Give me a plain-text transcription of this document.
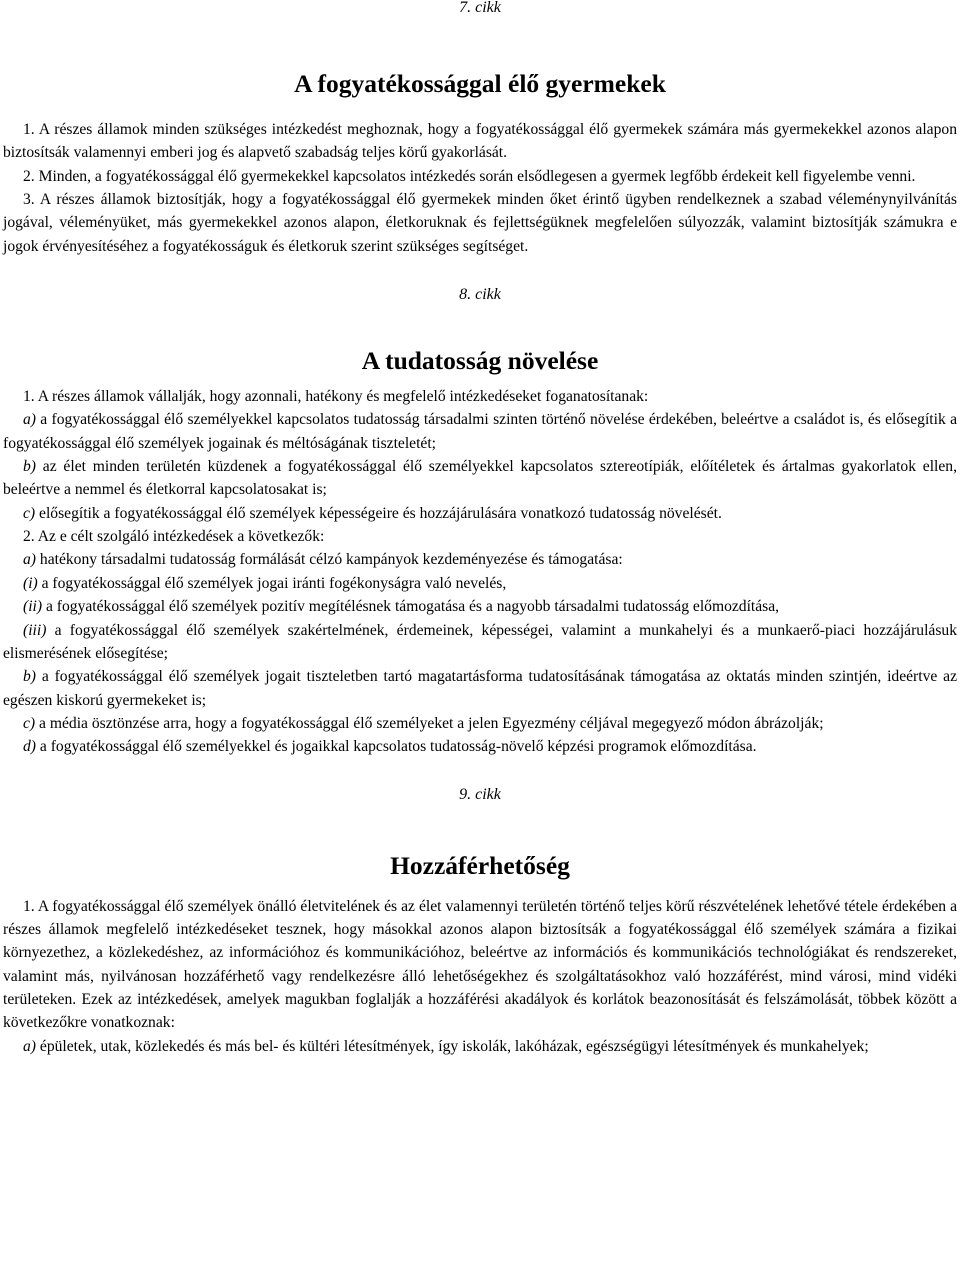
7. cikk

A fogyatékossággal élő gyermekek

1. A részes államok minden szükséges intézkedést meghoznak, hogy a fogyatékossággal élő gyermekek számára más gyermekekkel azonos alapon biztosítsák valamennyi emberi jog és alapvető szabadság teljes körű gyakorlását.

2. Minden, a fogyatékossággal élő gyermekekkel kapcsolatos intézkedés során elsődlegesen a gyermek legfőbb érdekeit kell figyelembe venni.

3. A részes államok biztosítják, hogy a fogyatékossággal élő gyermekek minden őket érintő ügyben rendelkeznek a szabad véleménynyilvánítás jogával, véleményüket, más gyermekekkel azonos alapon, életkoruknak és fejlettségüknek megfelelően súlyozzák, valamint biztosítják számukra e jogok érvényesítéséhez a fogyatékosságuk és életkoruk szerint szükséges segítséget.

8. cikk

A tudatosság növelése

1. A részes államok vállalják, hogy azonnali, hatékony és megfelelő intézkedéseket foganatosítanak:

a) a fogyatékossággal élő személyekkel kapcsolatos tudatosság társadalmi szinten történő növelése érdekében, beleértve a családot is, és elősegítik a fogyatékossággal élő személyek jogainak és méltóságának tiszteletét;

b) az élet minden területén küzdenek a fogyatékossággal élő személyekkel kapcsolatos sztereotípiák, előítéletek és ártalmas gyakorlatok ellen, beleértve a nemmel és életkorral kapcsolatosakat is;

c) elősegítik a fogyatékossággal élő személyek képességeire és hozzájárulására vonatkozó tudatosság növelését.

2. Az e célt szolgáló intézkedések a következők:

a) hatékony társadalmi tudatosság formálását célzó kampányok kezdeményezése és támogatása:

(i) a fogyatékossággal élő személyek jogai iránti fogékonyságra való nevelés,

(ii) a fogyatékossággal élő személyek pozitív megítélésnek támogatása és a nagyobb társadalmi tudatosság előmozdítása,

(iii) a fogyatékossággal élő személyek szakértelmének, érdemeinek, képességei, valamint a munkahelyi és a munkaerő-piaci hozzájárulásuk elismerésének elősegítése;

b) a fogyatékossággal élő személyek jogait tiszteletben tartó magatartásforma tudatosításának támogatása az oktatás minden szintjén, ideértve az egészen kiskorú gyermekeket is;

c) a média ösztönzése arra, hogy a fogyatékossággal élő személyeket a jelen Egyezmény céljával megegyező módon ábrázolják;

d) a fogyatékossággal élő személyekkel és jogaikkal kapcsolatos tudatosság-növelő képzési programok előmozdítása.

9. cikk

Hozzáférhetőség

1. A fogyatékossággal élő személyek önálló életvitelének és az élet valamennyi területén történő teljes körű részvételének lehetővé tétele érdekében a részes államok megfelelő intézkedéseket tesznek, hogy másokkal azonos alapon biztosítsák a fogyatékossággal élő személyek számára a fizikai környezethez, a közlekedéshez, az információhoz és kommunikációhoz, beleértve az információs és kommunikációs technológiákat és rendszereket, valamint más, nyilvánosan hozzáférhető vagy rendelkezésre álló lehetőségekhez és szolgáltatásokhoz való hozzáférést, mind városi, mind vidéki területeken. Ezek az intézkedések, amelyek magukban foglalják a hozzáférési akadályok és korlátok beazonosítását és felszámolását, többek között a következőkre vonatkoznak:

a) épületek, utak, közlekedés és más bel- és kültéri létesítmények, így iskolák, lakóházak, egészségügyi létesítmények és munkahelyek;
